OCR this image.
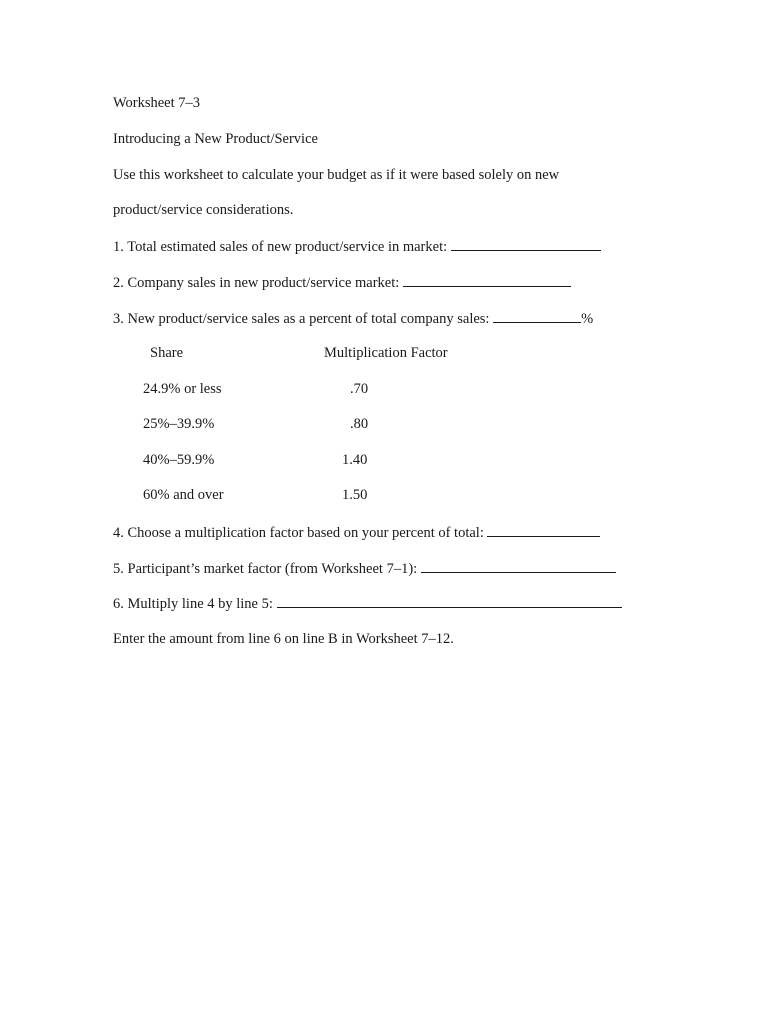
Worksheet 7–3
Introducing a New Product/Service
Use this worksheet to calculate your budget as if it were based solely on new
product/service considerations.
1. Total estimated sales of new product/service in market:
2. Company sales in new product/service market:
3. New product/service sales as a percent of total company sales:	%
Share	Multiplication Factor
24.9% or less	.70
25%–39.9%	.80
40%–59.9%	1.40
60% and over	1.50
4. Choose a multiplication factor based on your percent of total:
5. Participant’s market factor (from Worksheet 7–1):
6. Multiply line 4 by line 5:
Enter the amount from line 6 on line B in Worksheet 7–12.
